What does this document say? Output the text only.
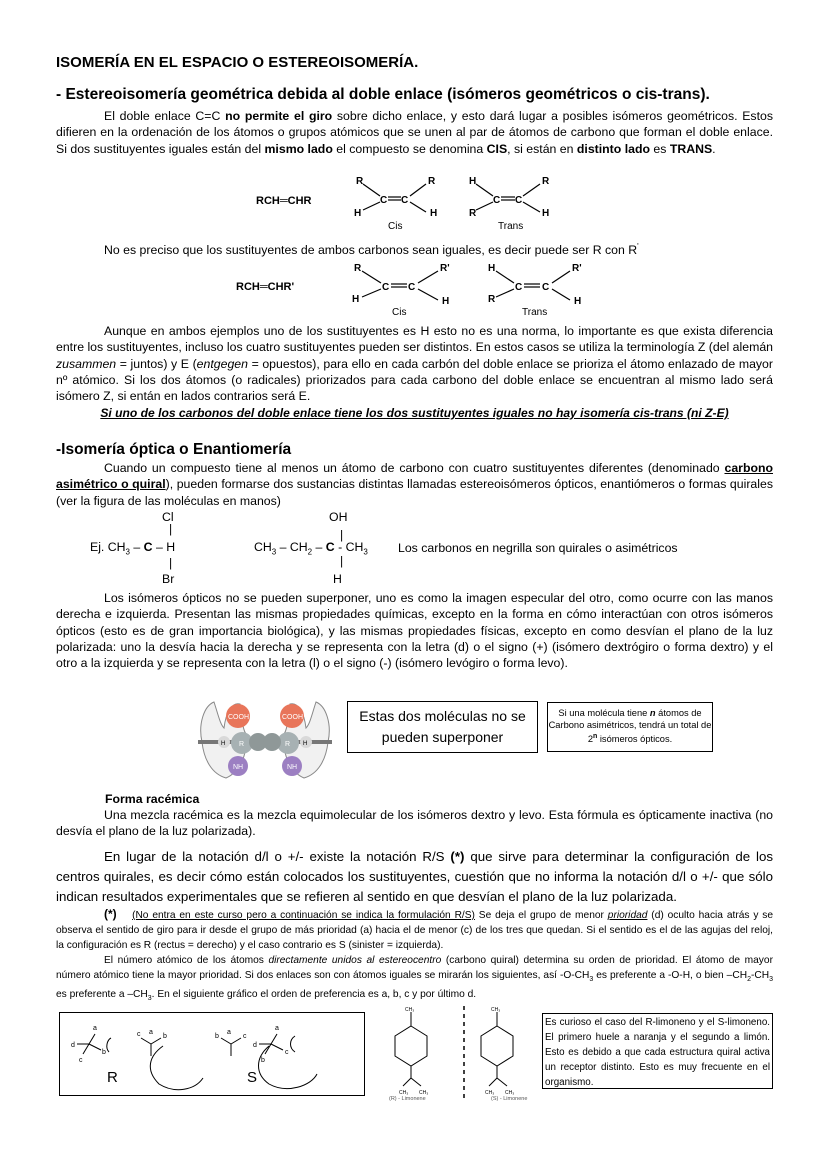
ISOMERÍA EN EL ESPACIO O ESTEREOISOMERÍA.
- Estereoisomería geométrica debida al doble enlace (isómeros geométricos o cis-trans).
El doble enlace C=C no permite el giro sobre dicho enlace, y esto dará lugar a posibles isómeros geométricos. Estos difieren en la ordenación de los átomos o grupos atómicos que se unen al par de átomos de carbono que forman el doble enlace. Si dos sustituyentes iguales están del mismo lado el compuesto se denomina CIS, si están en distinto lado es TRANS.
RCH═CHR
R	R
H	H
C C
H	R
R	H
C C
Cis	Trans
No es preciso que los sustituyentes de ambos carbonos sean iguales, es decir puede ser R con R'
RCH═CHR'
R	R'
H	H
C C
H	R'
R	H
C C
Cis	Trans
Aunque en ambos ejemplos uno de los sustituyentes es H esto no es una norma, lo importante es que exista diferencia entre los sustituyentes, incluso los cuatro sustituyentes pueden ser distintos. En estos casos se utiliza la terminología Z (del alemán zusammen = juntos) y E (entgegen = opuestos), para ello en cada carbón del doble enlace se prioriza el átomo enlazado de mayor nº atómico. Si los dos átomos (o radicales) priorizados para cada carbono del doble enlace se encuentran al mismo lado será isómero Z, si entán en lados contrarios será E.
Si uno de los carbonos del doble enlace tiene los dos sustituyentes iguales no hay isomería cis-trans (ni Z-E)
-Isomería óptica o Enantiomería
Cuando un compuesto tiene al menos un átomo de carbono con cuatro sustituyentes diferentes (denominado carbono asimétrico o quiral), pueden formarse dos sustancias distintas llamadas estereoisómeros ópticos, enantiómeros o formas quirales (ver la figura de las moléculas en manos)
Cl
|
Ej. $CH_3$ – C – H
|
Br
OH
|
$CH_3 - CH_2$ – C - $CH_3$
|
H
Los carbonos en negrilla son quirales o asimétricos
Los isómeros ópticos no se pueden superponer, uno es como la imagen especular del otro, como ocurre con las manos derecha e izquierda. Presentan las mismas propiedades químicas, excepto en la forma en cómo interactúan con otros isómeros ópticos (esto es de gran importancia biológica), y las mismas propiedades físicas, excepto en como desvían el plano de la luz polarizada: uno la desvía hacia la derecha y se representa con la letra (d) o el signo (+) (isómero dextrógiro o forma dextro) y el otro a la izquierda y se representa con la letra (l) o el signo (-) (isómero levógiro o forma levo).
COOH	COOH
R	R
NH	NH
H	H
Estas dos moléculas no se pueden superponer
Si una molécula tiene n átomos de Carbono asimétricos, tendrá un total de 2$^n$ isómeros ópticos.
Forma racémica
Una mezcla racémica es la mezcla equimolecular de los isómeros dextro y levo. Esta fórmula es ópticamente inactiva (no desvía el plano de la luz polarizada).
En lugar de la notación d/l o +/- existe la notación R/S (*) que sirve para determinar la configuración de los centros quirales, es decir cómo están colocados los sustituyentes, cuestión que no informa la notación d/l o +/- que sólo indican resultados experimentales que se refieren al sentido en que desvían el plano de la luz polarizada.
(*) (No entra en este curso pero a continuación se indica la formulación R/S) Se deja el grupo de menor prioridad (d) oculto hacia atrás y se observa el sentido de giro para ir desde el grupo de más prioridad (a) hacia el de menor (c) de los tres que quedan. Si el sentido es el de las agujas del reloj, la configuración es R (rectus = derecho) y el caso contrario es S (sinister = izquierda).
El número atómico de los átomos directamente unidos al estereocentro (carbono quiral) determina su orden de prioridad. El átomo de mayor número atómico tiene la mayor prioridad. Si dos enlaces son con átomos iguales se mirarán los siguientes, así $-O-CH_3$ es preferente a -O-H, o bien $-CH_2-CH_3$ es preferente a $-CH_3$. En el siguiente gráfico el orden de preferencia es a, b, c y por último d.
a
d
c
b
a
c	b
a
b	c
a
d
b
c
R	S
CH₃
CH₃ CH₃
CH₃
CH₃ CH₃
(R) - Limonene	(S) - Limonene
Es curioso el caso del R-limoneno y el S-limoneno. El primero huele a naranja y el segundo a limón. Esto es debido a que cada estructura quiral activa un receptor distinto. Esto es muy frecuente en el organismo.
